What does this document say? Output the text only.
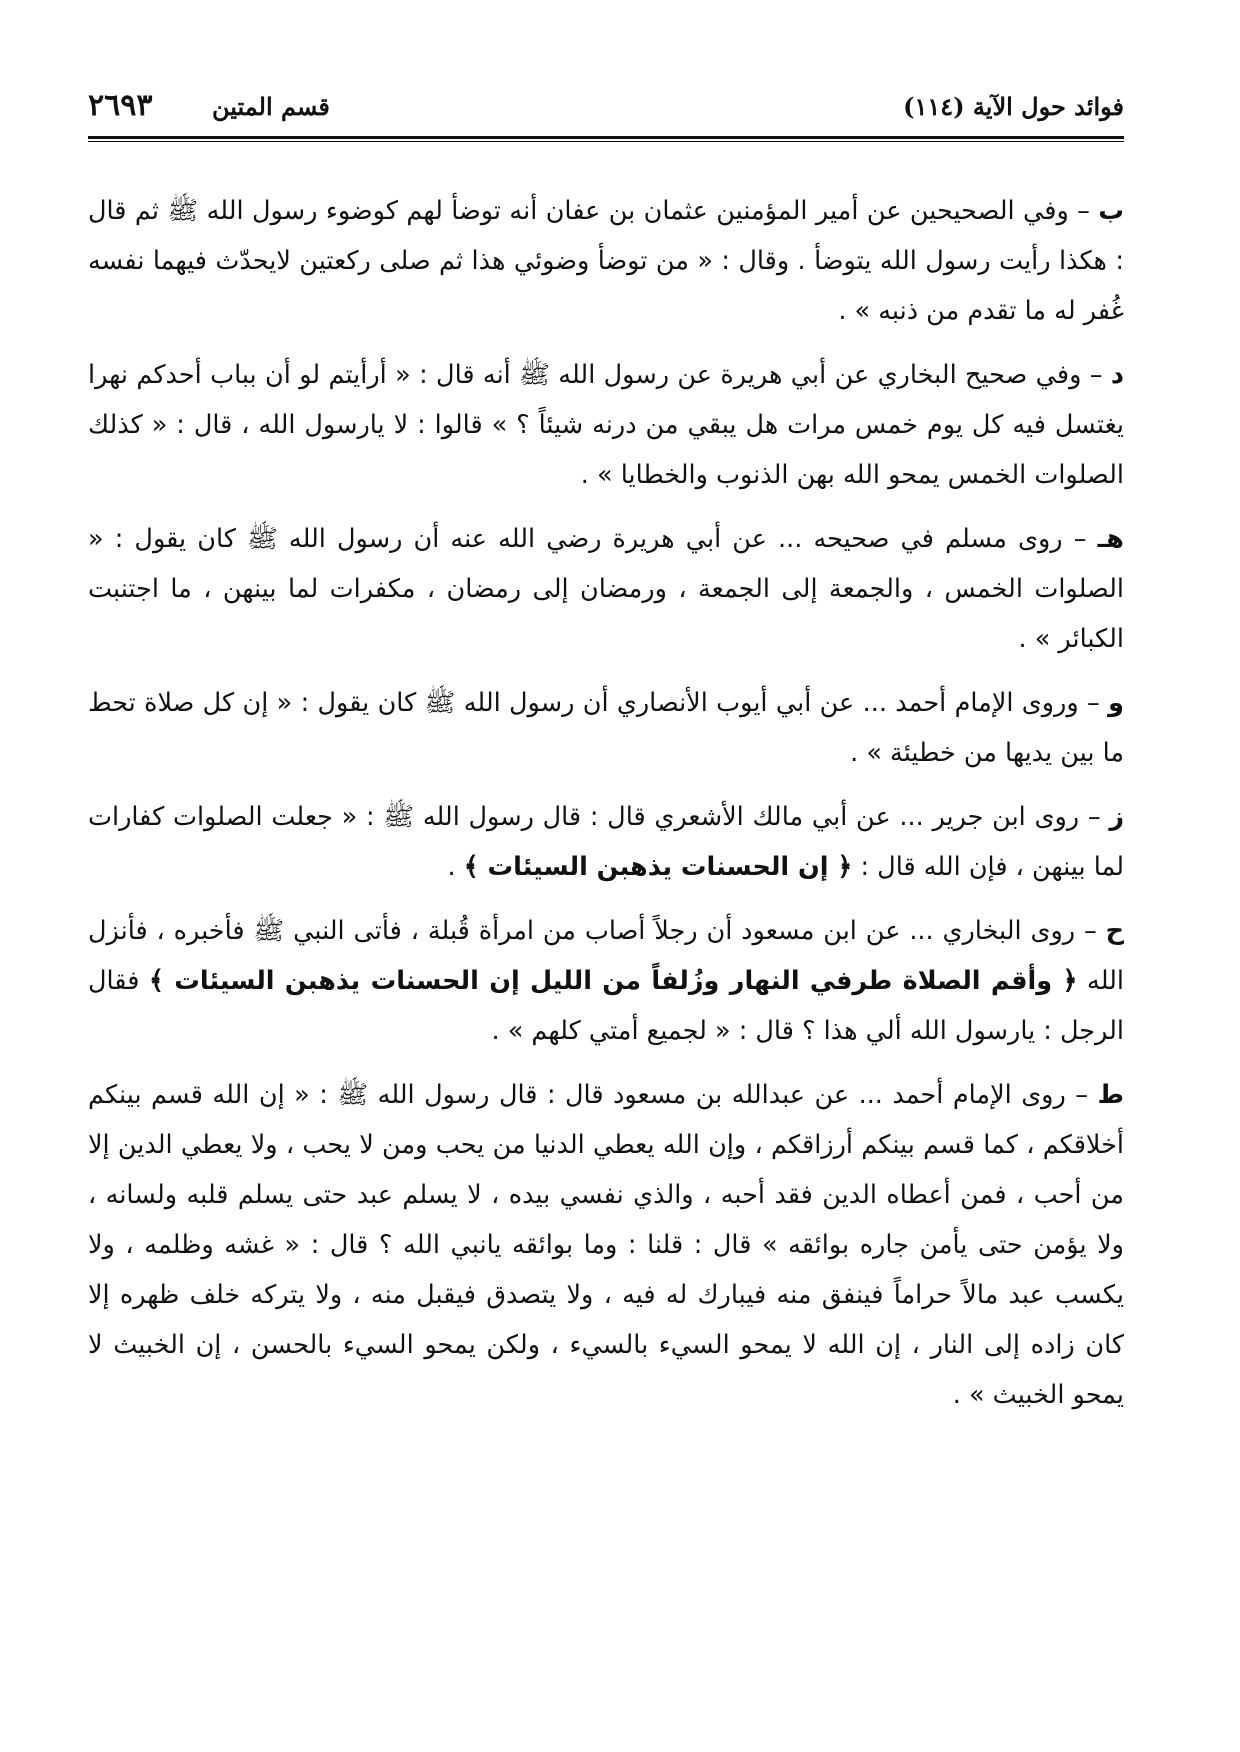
فوائد حول الآية (١١٤)
قسم المتين
٢٦٩٣

ب – وفي الصحيحين عن أمير المؤمنين عثمان بن عفان أنه توضأ لهم كوضوء رسول الله ﷺ ثم قال : هكذا رأيت رسول الله يتوضأ . وقال : « من توضأ وضوئي هذا ثم صلى ركعتين لايحدّث فيهما نفسه غُفر له ما تقدم من ذنبه » .

د – وفي صحيح البخاري عن أبي هريرة عن رسول الله ﷺ أنه قال : « أرأيتم لو أن بباب أحدكم نهرا يغتسل فيه كل يوم خمس مرات هل يبقي من درنه شيئاً ؟ » قالوا : لا يارسول الله ، قال : « كذلك الصلوات الخمس يمحو الله بهن الذنوب والخطايا » .

هـ – روى مسلم في صحيحه ... عن أبي هريرة رضي الله عنه أن رسول الله ﷺ كان يقول : « الصلوات الخمس ، والجمعة إلى الجمعة ، ورمضان إلى رمضان ، مكفرات لما بينهن ، ما اجتنبت الكبائر » .

و – وروى الإمام أحمد ... عن أبي أيوب الأنصاري أن رسول الله ﷺ كان يقول : « إن كل صلاة تحط ما بين يديها من خطيئة » .

ز – روى ابن جرير ... عن أبي مالك الأشعري قال : قال رسول الله ﷺ : « جعلت الصلوات كفارات لما بينهن ، فإن الله قال : ﴿ إن الحسنات يذهبن السيئات ﴾ .

ح – روى البخاري ... عن ابن مسعود أن رجلاً أصاب من امرأة قُبلة ، فأتى النبي ﷺ فأخبره ، فأنزل الله ﴿ وأقم الصلاة طرفي النهار وزُلفاً من الليل إن الحسنات يذهبن السيئات ﴾ فقال الرجل : يارسول الله ألي هذا ؟ قال : « لجميع أمتي كلهم » .

ط – روى الإمام أحمد ... عن عبدالله بن مسعود قال : قال رسول الله ﷺ : « إن الله قسم بينكم أخلاقكم ، كما قسم بينكم أرزاقكم ، وإن الله يعطي الدنيا من يحب ومن لا يحب ، ولا يعطي الدين إلا من أحب ، فمن أعطاه الدين فقد أحبه ، والذي نفسي بيده ، لا يسلم عبد حتى يسلم قلبه ولسانه ، ولا يؤمن حتى يأمن جاره بوائقه » قال : قلنا : وما بوائقه يانبي الله ؟ قال : « غشه وظلمه ، ولا يكسب عبد مالاً حراماً فينفق منه فيبارك له فيه ، ولا يتصدق فيقبل منه ، ولا يتركه خلف ظهره إلا كان زاده إلى النار ، إن الله لا يمحو السيء بالسيء ، ولكن يمحو السيء بالحسن ، إن الخبيث لا يمحو الخبيث » .
